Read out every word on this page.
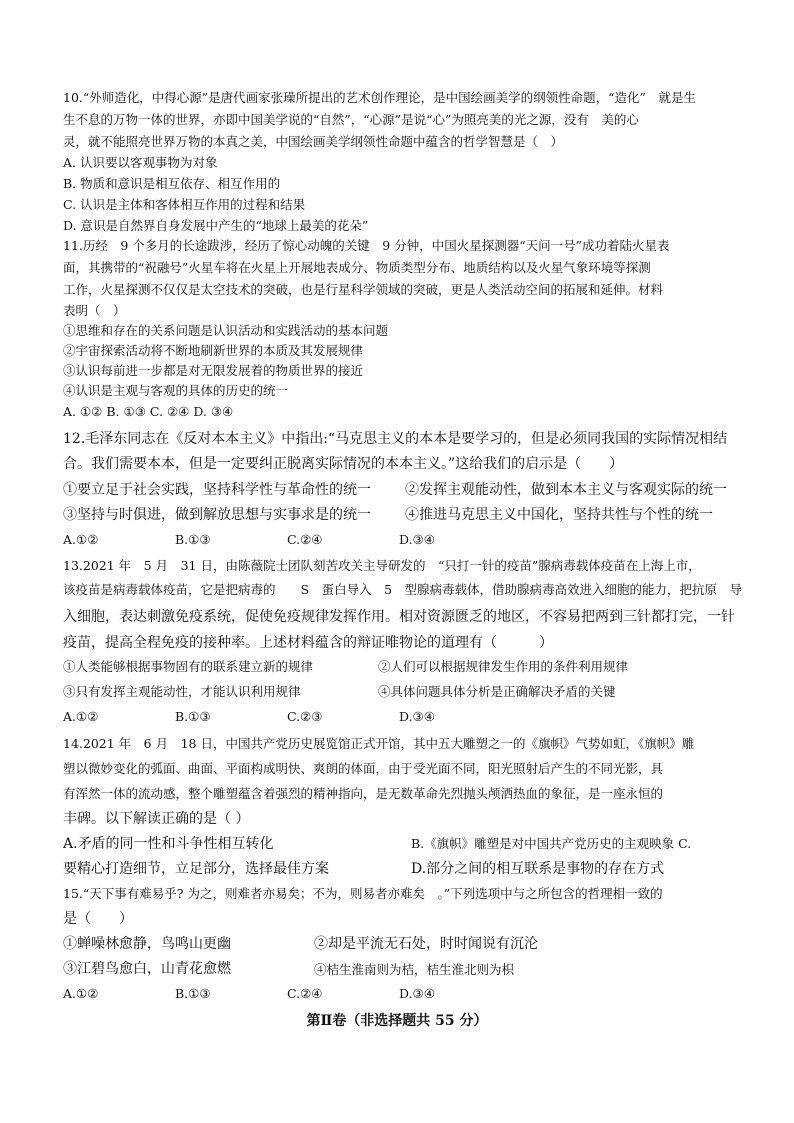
10.“外师造化，中得心源”是唐代画家张璪所提出的艺术创作理论，是中国绘画美学的纲领性命题，“造化”　就是生
生不息的万物一体的世界，亦即中国美学说的“自然”，“心源”是说“心”为照亮美的光之源，没有　美的心
灵，就不能照亮世界万物的本真之美，中国绘画美学纲领性命题中蕴含的哲学智慧是（　）
A. 认识要以客观事物为对象
B. 物质和意识是相互依存、相互作用的
C. 认识是主体和客体相互作用的过程和结果
D. 意识是自然界自身发展中产生的“地球上最美的花朵”
11.历经　9 个多月的长途跋涉，经历了惊心动魄的关键　9 分钟，中国火星探测器“天问一号”成功着陆火星表
面，其携带的“祝融号”火星车将在火星上开展地表成分、物质类型分布、地质结构以及火星气象环境等探测
工作，火星探测不仅仅是太空技术的突破，也是行星科学领域的突破，更是人类活动空间的拓展和延伸。材料
表明（　）
①思维和存在的关系问题是认识活动和实践活动的基本问题
②宇宙探索活动将不断地刷新世界的本质及其发展规律
③认识每前进一步都是对无限发展着的物质世界的接近
④认识是主观与客观的具体的历史的统一
A. ①② B. ①③ C. ②④ D. ③④
12.毛泽东同志在《反对本本主义》中指出:“马克思主义的本本是要学习的，但是必须同我国的实际情况相结
合。我们需要本本，但是一定要纠正脱离实际情况的本本主义。”这给我们的启示是（　　）
①要立足于社会实践，坚持科学性与革命性的统一 ②发挥主观能动性，做到本本主义与客观实际的统一
③坚持与时俱进，做到解放思想与实事求是的统一 ④推进马克思主义中国化，坚持共性与个性的统一
A.①②	B.①③	C.②④	D.③④
13.2021 年　5 月　31 日，由陈薇院士团队刻苦攻关主导研发的　“只打一针的疫苗”腺病毒载体疫苗在上海上市，
该疫苗是病毒载体疫苗，它是把病毒的　　S　蛋白导入　5　型腺病毒载体，借助腺病毒高效进入细胞的能力，把抗原　导
入细胞，表达刺激免疫系统，促使免疫规律发挥作用。相对资源匮乏的地区，不容易把两到三针都打完，一针
疫苗，提高全程免疫的接种率。上述材料蕴含的辩证唯物论的道理有（　　　）
①人类能够根据事物固有的联系建立新的规律	②人们可以根据规律发生作用的条件利用规律
③只有发挥主观能动性，才能认识利用规律	④具体问题具体分析是正确解决矛盾的关键
A.①②	B.①③	C.②③	D.③④
14.2021 年　6 月　18 日，中国共产党历史展览馆正式开馆，其中五大雕塑之一的《旗帜》气势如虹，《旗帜》雕
塑以微妙变化的弧面、曲面、平面构成明快、爽朗的体面，由于受光面不同，阳光照射后产生的不同光影，具
有浑然一体的流动感，整个雕塑蕴含着强烈的精神指向，是无数革命先烈抛头颅洒热血的象征，是一座永恒的
丰碑。以下解读正确的是（ ）
A.矛盾的同一性和斗争性相互转化	B.《旗帜》雕塑是对中国共产党历史的主观映象 C.
要精心打造细节，立足部分，选择最佳方案	D.部分之间的相互联系是事物的存在方式
15.“天下事有难易乎? 为之，则难者亦易矣；不为，则易者亦难矣　。”下列选项中与之所包含的哲理相一致的
是（　　）
①蝉噪林愈静，鸟鸣山更幽	②却是平流无石处，时时闻说有沉沦
③江碧鸟愈白，山青花愈燃	④桔生淮南则为桔，桔生淮北则为枳
A.①②	B.①③	C.②④	D.③④
第Ⅱ卷（非选择题共 55 分）
